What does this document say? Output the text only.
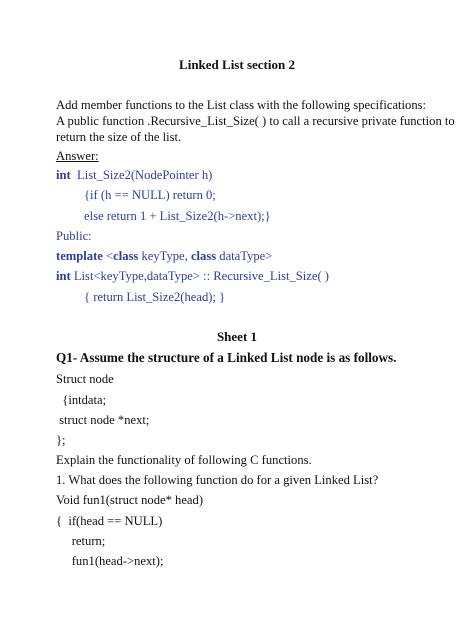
Linked List section 2
Add member functions to the List class with the following specifications:
A public function .Recursive_List_Size( ) to call a recursive private function to
return the size of the list.
Answer:
int  List_Size2(NodePointer h)
{if (h == NULL) return 0;
else return 1 + List_Size2(h->next);}
Public:
template <class keyType, class dataType>
int List<keyType,dataType> :: Recursive_List_Size( )
{ return List_Size2(head); }
Sheet 1
Q1- Assume the structure of a Linked List node is as follows.
Struct node
{intdata;
struct node *next;
};
Explain the functionality of following C functions.
1. What does the following function do for a given Linked List?
Void fun1(struct node* head)
{  if(head == NULL)
return;
fun1(head->next);
